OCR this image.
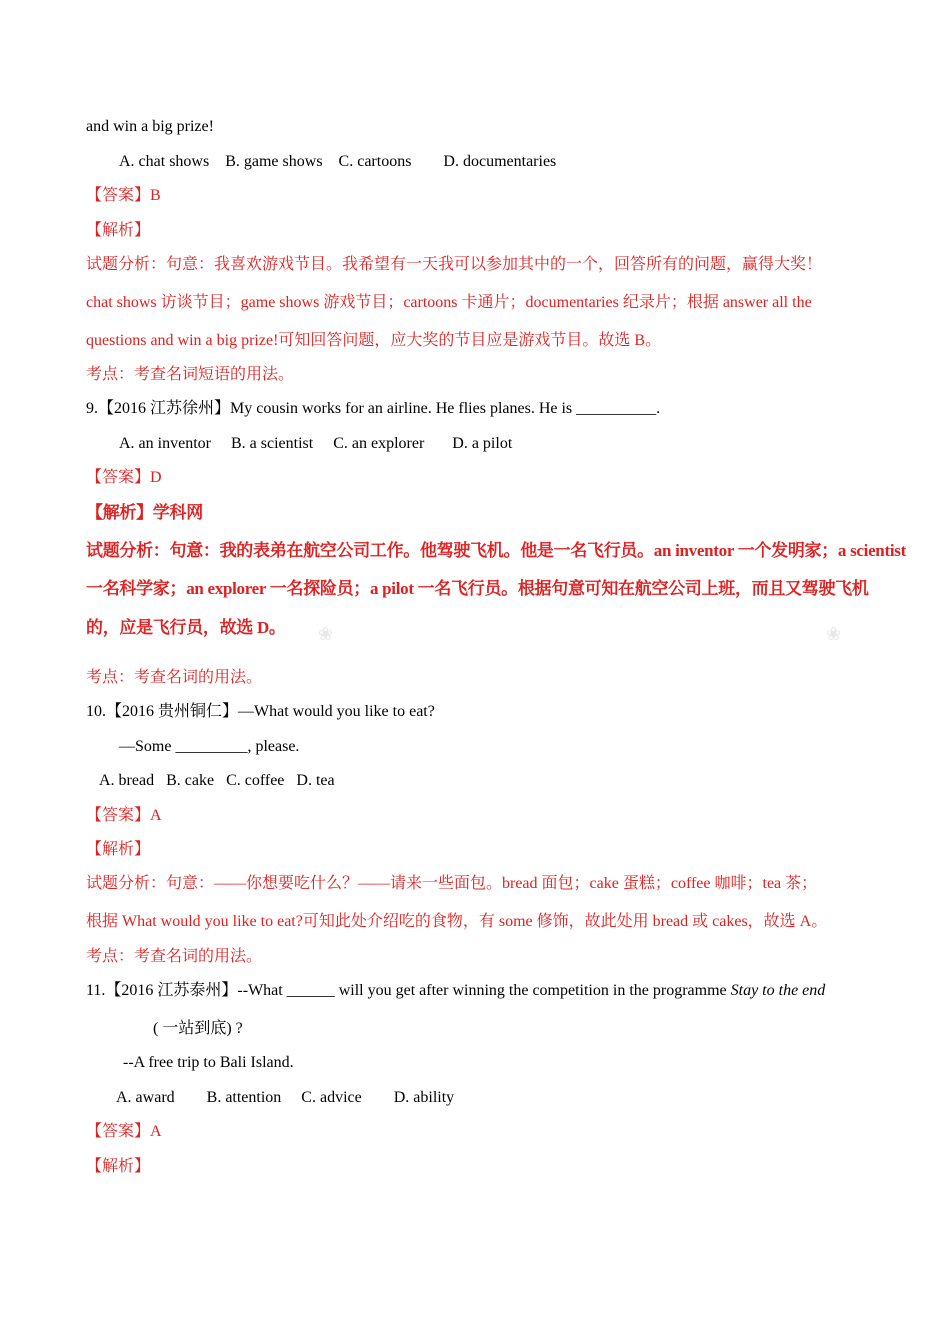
and win a big prize!
A. chat shows    B. game shows    C. cartoons        D. documentaries
【答案】B
【解析】
试题分析：句意：我喜欢游戏节目。我希望有一天我可以参加其中的一个，回答所有的问题，赢得大奖！
chat shows 访谈节目；game shows 游戏节目；cartoons 卡通片；documentaries 纪录片；根据 answer all the
questions and win a big prize!可知回答问题，应大奖的节目应是游戏节目。故选 B。
考点：考查名词短语的用法。
9.【2016 江苏徐州】My cousin works for an airline. He flies planes. He is __________.
A. an inventor     B. a scientist     C. an explorer       D. a pilot
【答案】D
【解析】学科网
试题分析：句意：我的表弟在航空公司工作。他驾驶飞机。他是一名飞行员。an inventor 一个发明家；a scientist
一名科学家；an explorer 一名探险员；a pilot 一名飞行员。根据句意可知在航空公司上班，而且又驾驶飞机
的，应是飞行员，故选 D。 ❀	❀
考点：考查名词的用法。
10.【2016 贵州铜仁】—What would you like to eat?
—Some _________, please.
A. bread   B. cake   C. coffee   D. tea
【答案】A
【解析】
试题分析：句意：——你想要吃什么？——请来一些面包。bread 面包；cake 蛋糕；coffee 咖啡；tea 茶；
根据 What would you like to eat?可知此处介绍吃的食物，有 some 修饰，故此处用 bread 或 cakes，故选 A。
考点：考查名词的用法。
11.【2016 江苏泰州】--What ______ will you get after winning the competition in the programme Stay to the end
( 一站到底) ?
--A free trip to Bali Island.
A. award        B. attention     C. advice        D. ability
【答案】A
【解析】
